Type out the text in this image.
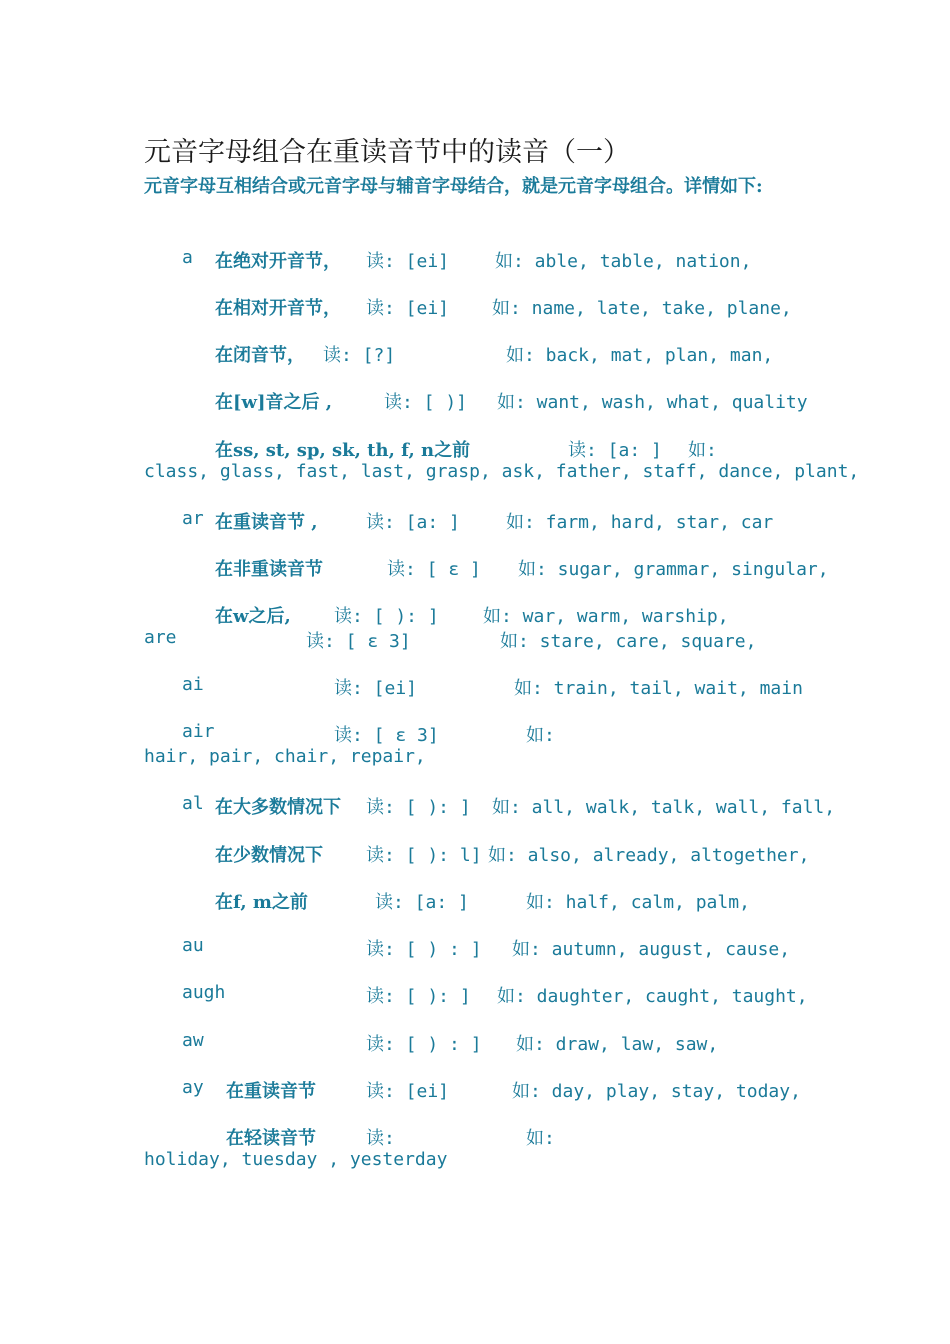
元音字母组合在重读音节中的读音（一）
元音字母互相结合或元音字母与辅音字母结合，就是元音字母组合。详情如下:
a 在绝对开音节， 读: [ei]	如: able, table, nation,
在相对开音节， 读: [ei] 如: name, late, take, plane,
在闭音节， 读: [?]	如: back, mat, plan, man,
在[w]音之后 ,	读: [ )] 如: want, wash, what, quality
在ss, st, sp, sk, th, f, n之前	读: [a: ] 如:
class, glass, fast, last, grasp, ask, father, staff, dance, plant,
ar 在重读音节 ,	读: [a: ]	如: farm, hard, star, car
在非重读音节	读: [ ε ] 如: sugar, grammar, singular,
在w之后, 读: [ ): ] 如: war, warm, warship,
are	读: [ ε 3]	如: stare, care, square,
ai	读: [ei]	如: train, tail, wait, main
air	读: [ ε 3]	如:
hair, pair, chair, repair,
al 在大多数情况下 读: [ ): ] 如: all, walk, talk, wall, fall,
在少数情况下 读: [ ): l] 如: also, already, altogether,
在f, m之前	读: [a: ]	如: half, calm, palm,
au	读: [ ) : ] 如: autumn, august, cause,
augh	读: [ ): ] 如: daughter, caught, taught,
aw	读: [ ) : ] 如: draw, law, saw,
ay 在重读音节	读: [ei]	如: day, play, stay, today,
在轻读音节	读:	如:
holiday, tuesday , yesterday
